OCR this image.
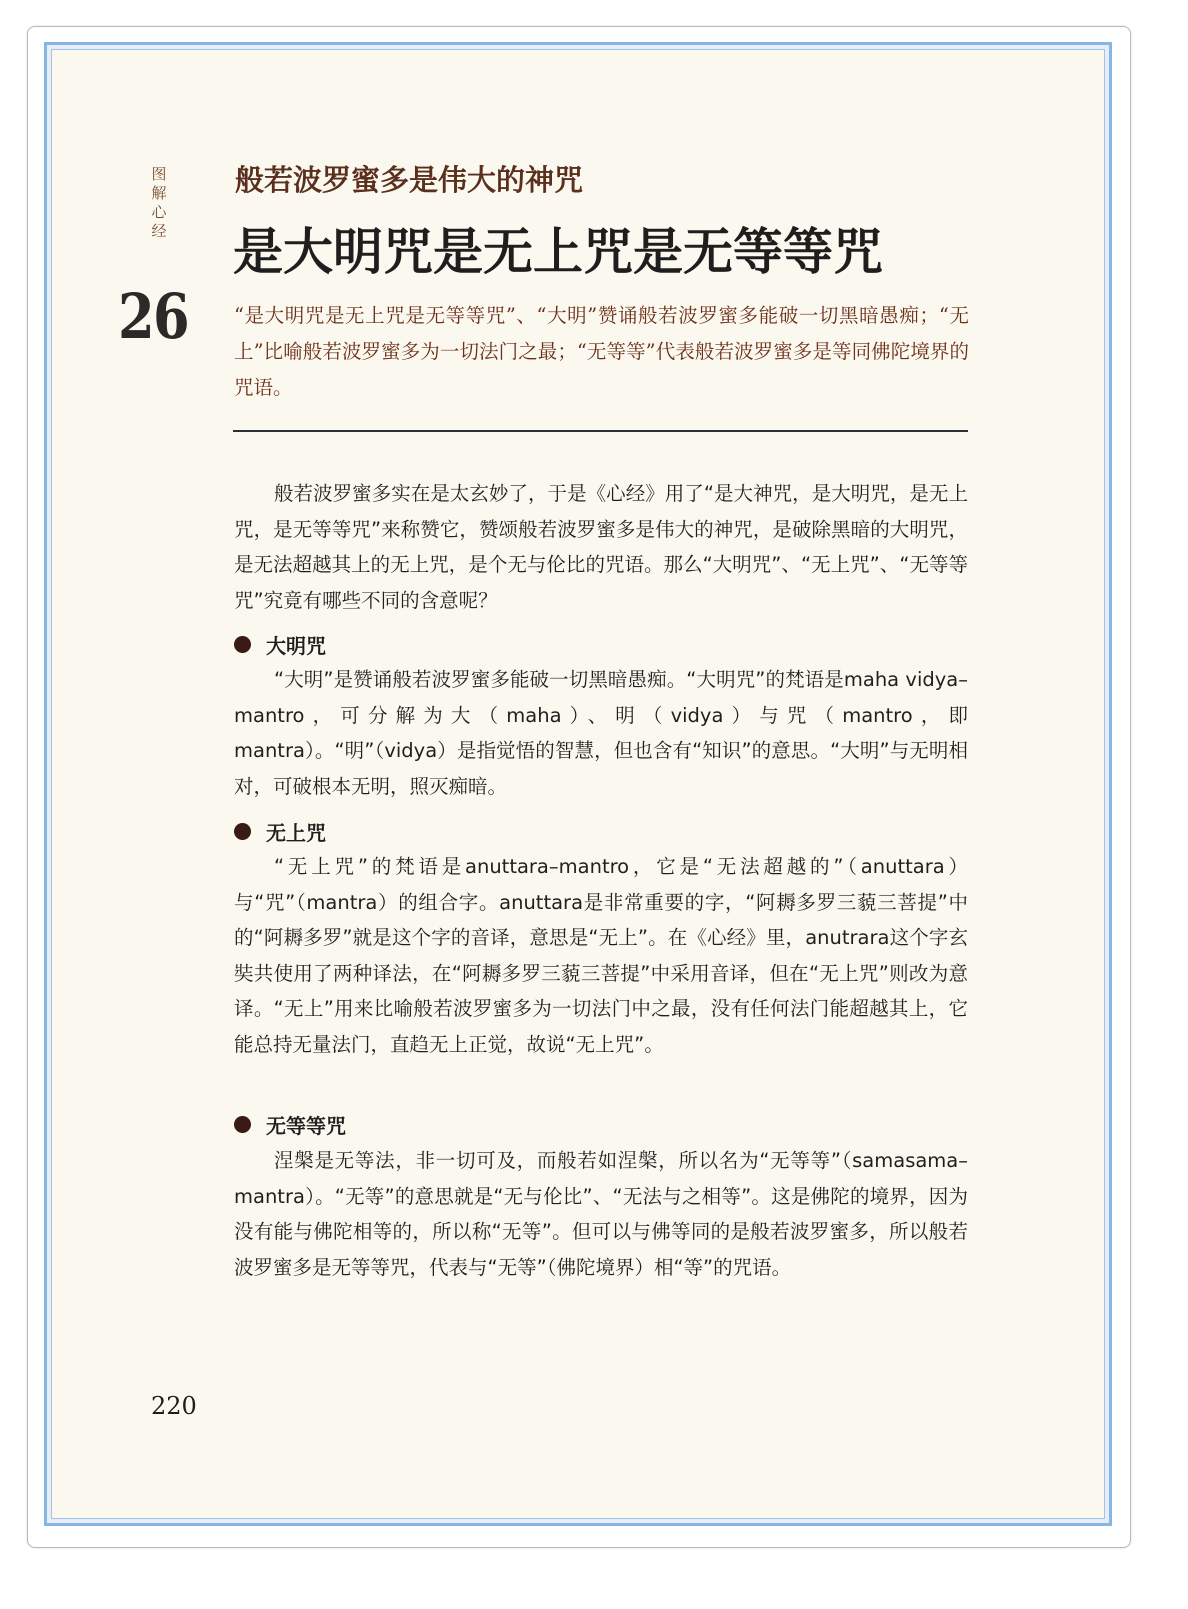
图解心经
26
般若波罗蜜多是伟大的神咒
是大明咒是无上咒是无等等咒
“是大明咒是无上咒是无等等咒”、“大明”赞诵般若波罗蜜多能破一切黑暗愚痴；“无上”比喻般若波罗蜜多为一切法门之最；“无等等”代表般若波罗蜜多是等同佛陀境界的咒语。

般若波罗蜜多实在是太玄妙了，于是《心经》用了“是大神咒，是大明咒，是无上咒，是无等等咒”来称赞它，赞颂般若波罗蜜多是伟大的神咒，是破除黑暗的大明咒，是无法超越其上的无上咒，是个无与伦比的咒语。那么“大明咒”、“无上咒”、“无等等咒”究竟有哪些不同的含意呢？

大明咒

“大明”是赞诵般若波罗蜜多能破一切黑暗愚痴。“大明咒”的梵语是maha vidya–mantro，可分解为大（maha）、明（vidya）与咒（mantro，即mantra）。“明”（vidya）是指觉悟的智慧，但也含有“知识”的意思。“大明”与无明相对，可破根本无明，照灭痴暗。

无上咒

“无上咒”的梵语是anuttara–mantro，它是“无法超越的”（anuttara）与“咒”（mantra）的组合字。anuttara是非常重要的字，“阿耨多罗三藐三菩提”中的“阿耨多罗”就是这个字的音译，意思是“无上”。在《心经》里，anutrara这个字玄奘共使用了两种译法，在“阿耨多罗三藐三菩提”中采用音译，但在“无上咒”则改为意译。“无上”用来比喻般若波罗蜜多为一切法门中之最，没有任何法门能超越其上，它能总持无量法门，直趋无上正觉，故说“无上咒”。

无等等咒

涅槃是无等法，非一切可及，而般若如涅槃，所以名为“无等等”（samasama–mantra）。“无等”的意思就是“无与伦比”、“无法与之相等”。这是佛陀的境界，因为没有能与佛陀相等的，所以称“无等”。但可以与佛等同的是般若波罗蜜多，所以般若波罗蜜多是无等等咒，代表与“无等”（佛陀境界）相“等”的咒语。

220
